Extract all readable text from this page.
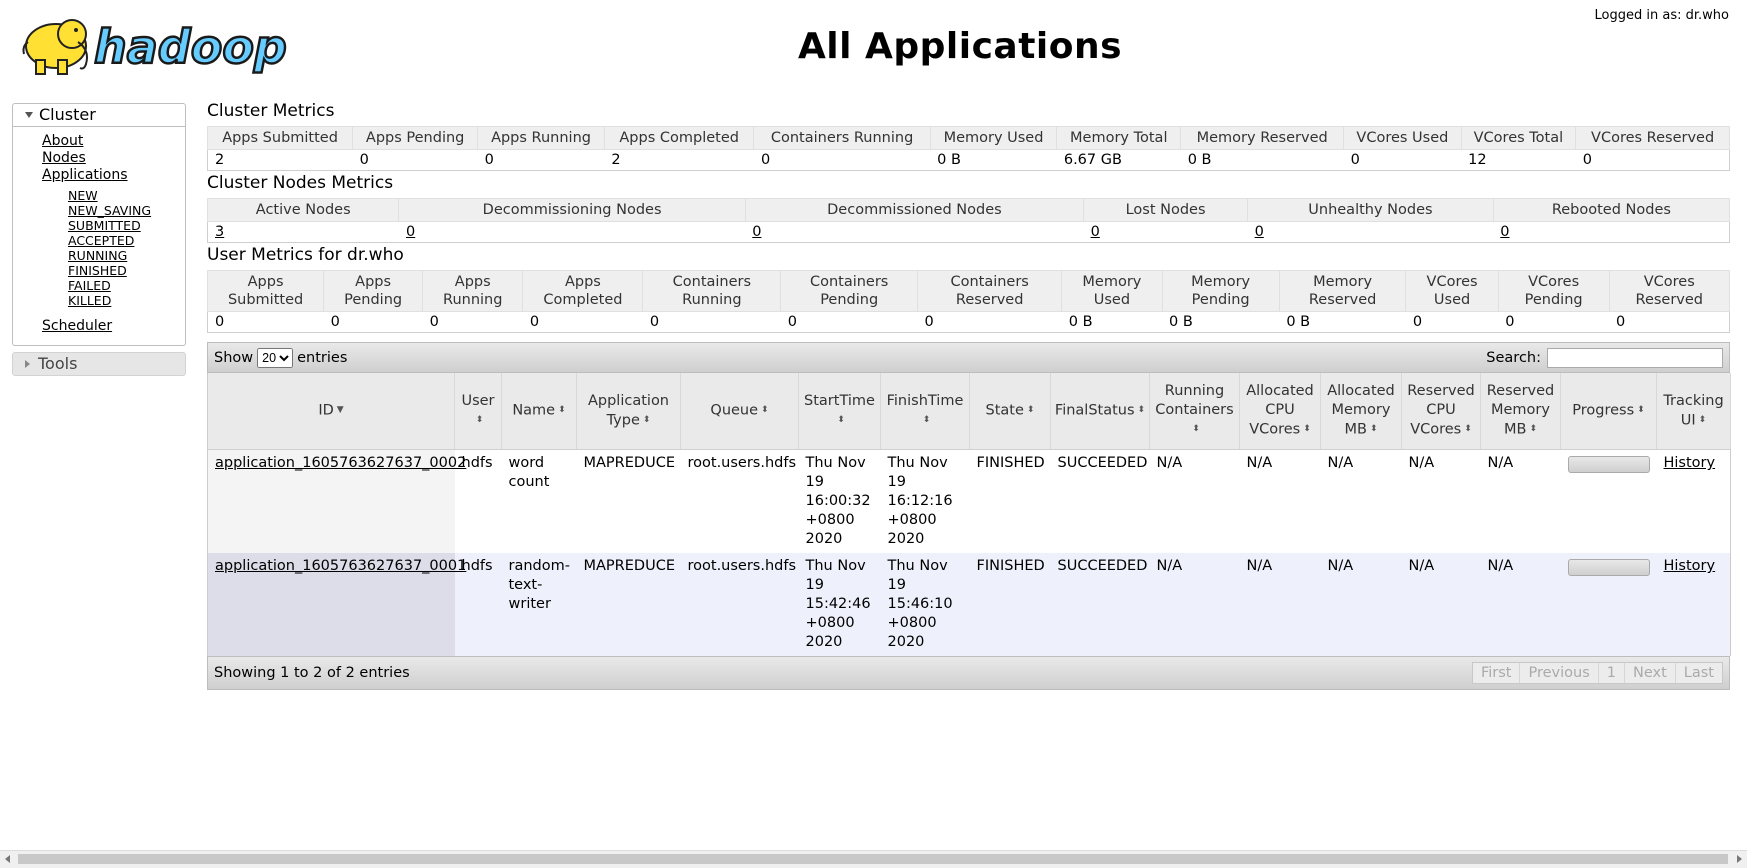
hadoop	All Applications
Logged in as: dr.who
Cluster
About
Nodes
Applications
NEW
NEW_SAVING
SUBMITTED
ACCEPTED
RUNNING
FINISHED
FAILED
KILLED
Scheduler
Tools
Cluster Metrics
Apps Submitted	Apps Pending	Apps Running	Apps Completed	Containers Running	Memory Used	Memory Total	Memory Reserved	VCores Used	VCores Total	VCores Reserved
2	0	0	2	0	0 B	6.67 GB	0 B	0	12	0
Cluster Nodes Metrics
Active Nodes	Decommissioning Nodes	Decommissioned Nodes	Lost Nodes	Unhealthy Nodes	Rebooted Nodes
3	0	0	0	0	0
User Metrics for dr.who
Apps Submitted	Apps Pending	Apps Running	Apps Completed	Containers Running	Containers Pending	Containers Reserved	Memory Used	Memory Pending	Memory Reserved	VCores Used	VCores Pending	VCores Reserved
0	0	0	0	0	0	0	0 B	0 B	0 B	0	0	0
Show
20	entries	Search:
ID ▼	User⬍	Name ⬍	Application Type ⬍	Queue ⬍	StartTime⬍	FinishTime⬍	State ⬍	FinalStatus ⬍	Running Containers⬍	Allocated CPU VCores ⬍	Allocated Memory MB ⬍	Reserved CPU VCores ⬍	Reserved Memory MB ⬍	Progress ⬍	Tracking UI ⬍
application_1605763627637_0002	hdfs	word count	MAPREDUCE	root.users.hdfs	Thu Nov 19 16:00:32 +0800 2020	Thu Nov 19 16:12:16 +0800 2020	FINISHED	SUCCEEDED	N/A	N/A	N/A	N/A	N/A		History
application_1605763627637_0001	hdfs	random-text-writer	MAPREDUCE	root.users.hdfs	Thu Nov 19 15:42:46 +0800 2020	Thu Nov 19 15:46:10 +0800 2020	FINISHED	SUCCEEDED	N/A	N/A	N/A	N/A	N/A		History
Showing 1 to 2 of 2 entries	First	Previous	1	Next	Last
